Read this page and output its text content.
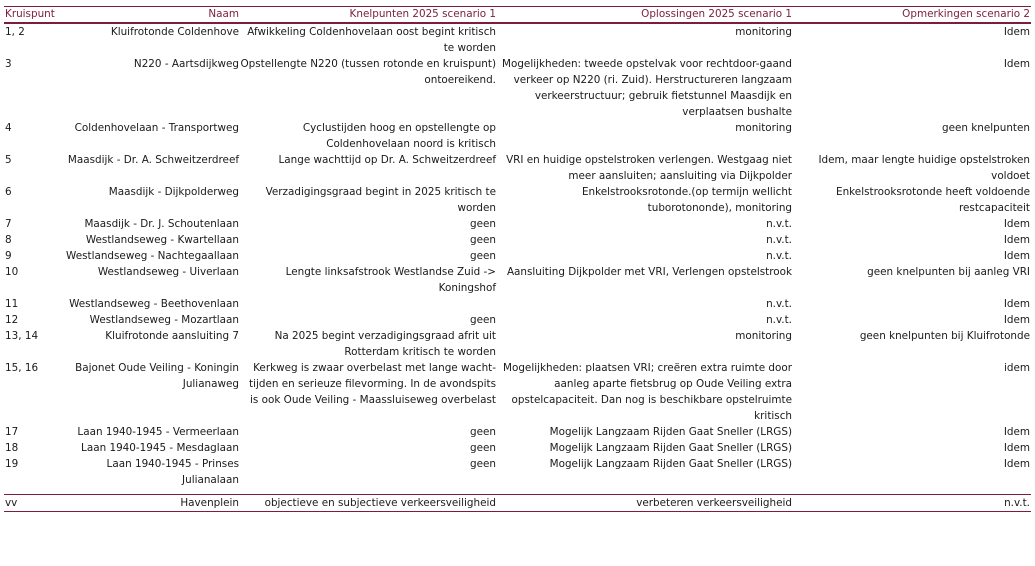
Kruispunt	Naam	Knelpunten 2025 scenario 1	Oplossingen 2025 scenario 1	Opmerkingen scenario 2
1, 2	Kluifrotonde Coldenhove	Afwikkeling Coldenhovelaan oost begint kritisch te worden	monitoring	Idem
3	N220 - Aartsdijkweg	Opstellengte N220 (tussen rotonde en kruispunt) ontoereikend.	Mogelijkheden: tweede opstelvak voor rechtdoor-gaand verkeer op N220 (ri. Zuid). Herstructureren langzaam verkeerstructuur; gebruik fietstunnel Maasdijk en verplaatsen bushalte	Idem
4	Coldenhovelaan - Transportweg	Cyclustijden hoog en opstellengte op Coldenhovelaan noord is kritisch	monitoring	geen knelpunten
5	Maasdijk - Dr. A. Schweitzerdreef	Lange wachttijd op Dr. A. Schweitzerdreef	VRI en huidige opstelstroken verlengen. Westgaag niet meer aansluiten; aansluiting via Dijkpolder	Idem, maar lengte huidige opstelstroken voldoet
6	Maasdijk - Dijkpolderweg	Verzadigingsgraad begint in 2025 kritisch te worden	Enkelstrooksrotonde.(op termijn wellicht tuborotononde), monitoring	Enkelstrooksrotonde heeft voldoende restcapaciteit
7	Maasdijk - Dr. J. Schoutenlaan	geen	n.v.t.	Idem
8	Westlandseweg - Kwartellaan	geen	n.v.t.	Idem
9	Westlandseweg - Nachtegaallaan	geen	n.v.t.	Idem
10	Westlandseweg - Uiverlaan	Lengte linksafstrook Westlandse Zuid -> Koningshof	Aansluiting Dijkpolder met VRI, Verlengen opstelstrook	geen knelpunten bij aanleg VRI
11	Westlandseweg - Beethovenlaan		n.v.t.	Idem
12	Westlandseweg - Mozartlaan	geen	n.v.t.	Idem
13, 14	Kluifrotonde aansluiting 7	Na 2025 begint verzadigingsgraad afrit uit Rotterdam kritisch te worden	monitoring	geen knelpunten bij Kluifrotonde
15, 16	Bajonet Oude Veiling - Koningin Julianaweg	Kerkweg is zwaar overbelast met lange wacht-tijden en serieuze filevorming. In de avondspits is ook Oude Veiling - Maassluiseweg overbelast	Mogelijkheden: plaatsen VRI; creëren extra ruimte door aanleg aparte fietsbrug op Oude Veiling extra opstelcapaciteit. Dan nog is beschikbare opstelruimte kritisch	idem
17	Laan 1940-1945 - Vermeerlaan	geen	Mogelijk Langzaam Rijden Gaat Sneller (LRGS)	Idem
18	Laan 1940-1945 - Mesdaglaan	geen	Mogelijk Langzaam Rijden Gaat Sneller (LRGS)	Idem
19	Laan 1940-1945 - Prinses Julianalaan	geen	Mogelijk Langzaam Rijden Gaat Sneller (LRGS)	Idem

vv	Havenplein	objectieve en subjectieve verkeersveiligheid	verbeteren verkeersveiligheid	n.v.t.
